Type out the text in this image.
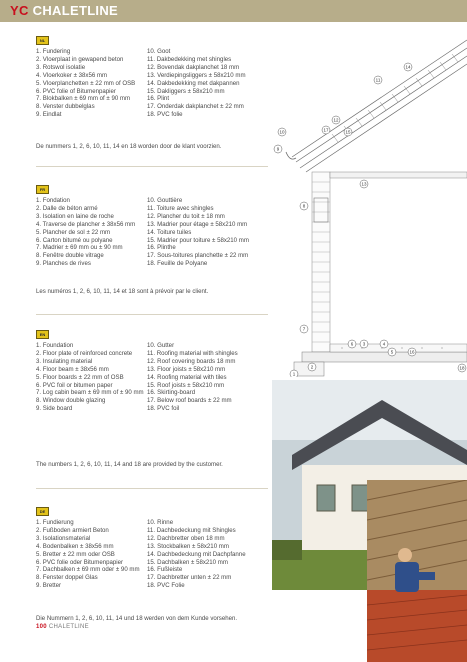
YC CHALETLINE
NL
1. Fundering
2. Vloerplaat in gewapend beton
3. Rotswol isolatie
4. Vloerkoker ± 38x56 mm
5. Vloerplanchetten ± 22 mm of OSB
6. PVC folie of Bitumenpapier
7. Blokbalken ± 69 mm of ± 90 mm
8. Venster dubbelglas
9. Eindlat
10. Goot
11. Dakbedekking met shingles
12. Bovendak dakplanchet 18 mm
13. Verdiepingsliggers ± 58x210 mm
14. Dakbedekking met dakpannen
15. Dakliggers ± 58x210 mm
16. Plint
17. Onderdak dakplanchet ± 22 mm
18. PVC folie
De nummers 1, 2, 6, 10, 11, 14 en 18 worden door de klant voorzien.
FR
1. Fondation
2. Dalle de béton armé
3. Isolation en laine de roche
4. Traverse de plancher ± 38x56 mm
5. Plancher de sol ± 22 mm
6. Carton bitumé ou polyane
7. Madrier ± 69 mm ou ± 90 mm
8. Fenêtre double vitrage
9. Planches de rives
10. Gouttière
11. Toiture avec shingles
12. Plancher du toit ± 18 mm
13. Madrier pour étage ± 58x210 mm
14. Toiture tuiles
15. Madrier pour toiture ± 58x210 mm
16. Plinthe
17. Sous-toitures planchette ± 22 mm
18. Feuille de Polyane
Les numéros 1, 2, 6, 10, 11, 14 et 18 sont à prévoir par le client.
EN
1. Foundation
2. Floor plate of reinforced concrete
3. Insulating material
4. Floor beam ± 38x56 mm
5. Floor boards ± 22 mm of OSB
6. PVC foil or bitumen paper
7. Log cabin beam ± 69 mm of ± 90 mm
8. Window double glazing
9. Side board
10. Gutter
11. Roofing material with shingles
12. Roof covering boards 18 mm
13. Floor joists ± 58x210 mm
14. Roofing material with tiles
15. Roof joists ± 58x210 mm
16. Skirting-board
17. Below roof boards ± 22 mm
18. PVC foil
The numbers 1, 2, 6, 10, 11, 14 and 18 are provided by the customer.
DE
1. Fundierung
2. Fußboden armiert Beton
3. Isolationsmaterial
4. Bodenbalken ± 38x56 mm
5. Bretter ± 22 mm oder OSB
6. PVC folie oder Bitumenpapier
7. Dachbalken ± 69 mm oder ± 90 mm
8. Fenster doppel Glas
9. Bretter
10. Rinne
11. Dachbedeckung mit Shingles
12. Dachbretter oben 18 mm
13. Stockbalken ± 58x210 mm
14. Dachbedeckung mit Dachpfanne
15. Dachbalken ± 58x210 mm
16. Fußleiste
17. Dachbretter unten ± 22 mm
18. PVC Folie
Die Nummern 1, 2, 6, 10, 11, 14 und 18 werden von dem Kunde vorsehen.
100 CHALETLINE
1
2
3	4
5
6
7
8
9
10
11
12
13
14
15
16
17
18
